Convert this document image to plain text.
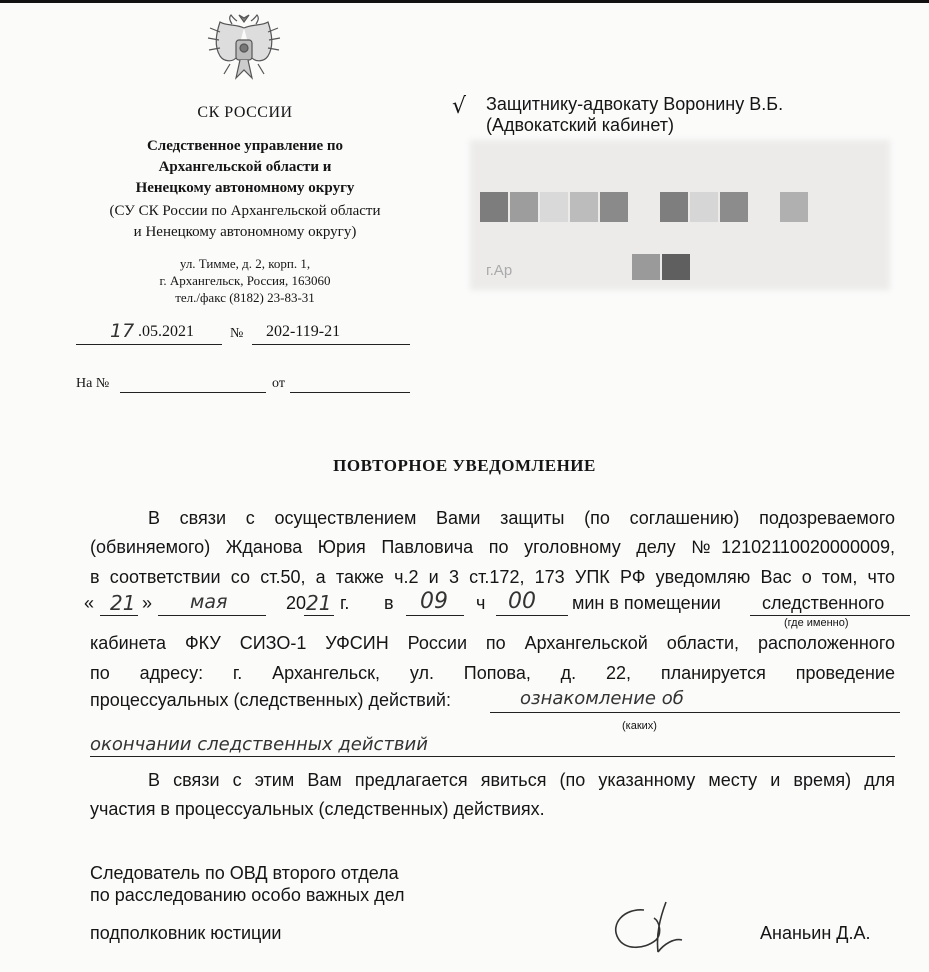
СК РОССИИ
Следственное управление по
Архангельской области и
Ненецкому автономному округу
(СУ СК России по Архангельской области
и Ненецкому автономному округу)
ул. Тимме, д. 2, корп. 1,
г. Архангельск, Россия, 163060
тел./факс (8182) 23-83-31
17 .05.2021	№ 202-119-21
На №	от
√	Защитнику-адвокату Воронину В.Б.
(Адвокатский кабинет)
г.Ар
ПОВТОРНОЕ УВЕДОМЛЕНИЕ
В связи с осуществлением Вами защиты (по соглашению) подозреваемого
(обвиняемого) Жданова Юрия Павловича по уголовному делу №12102110020000009,
в соответствии со ст.50, а также ч.2 и 3 ст.172, 173 УПК РФ уведомляю Вас о том, что
« 21 » мая	20 21 г. в 09 ч 00 мин в помещении следственного
(где именно)
кабинета ФКУ СИЗО-1 УФСИН России по Архангельской области, расположенного
по адресу: г. Архангельск, ул. Попова, д. 22, планируется проведение
процессуальных (следственных) действий:	ознакомление об
(каких)
окончании следственных действий
В связи с этим Вам предлагается явиться (по указанному месту и время) для
участия в процессуальных (следственных) действиях.
Следователь по ОВД второго отдела
по расследованию особо важных дел
подполковник юстиции	Ананьин Д.А.
